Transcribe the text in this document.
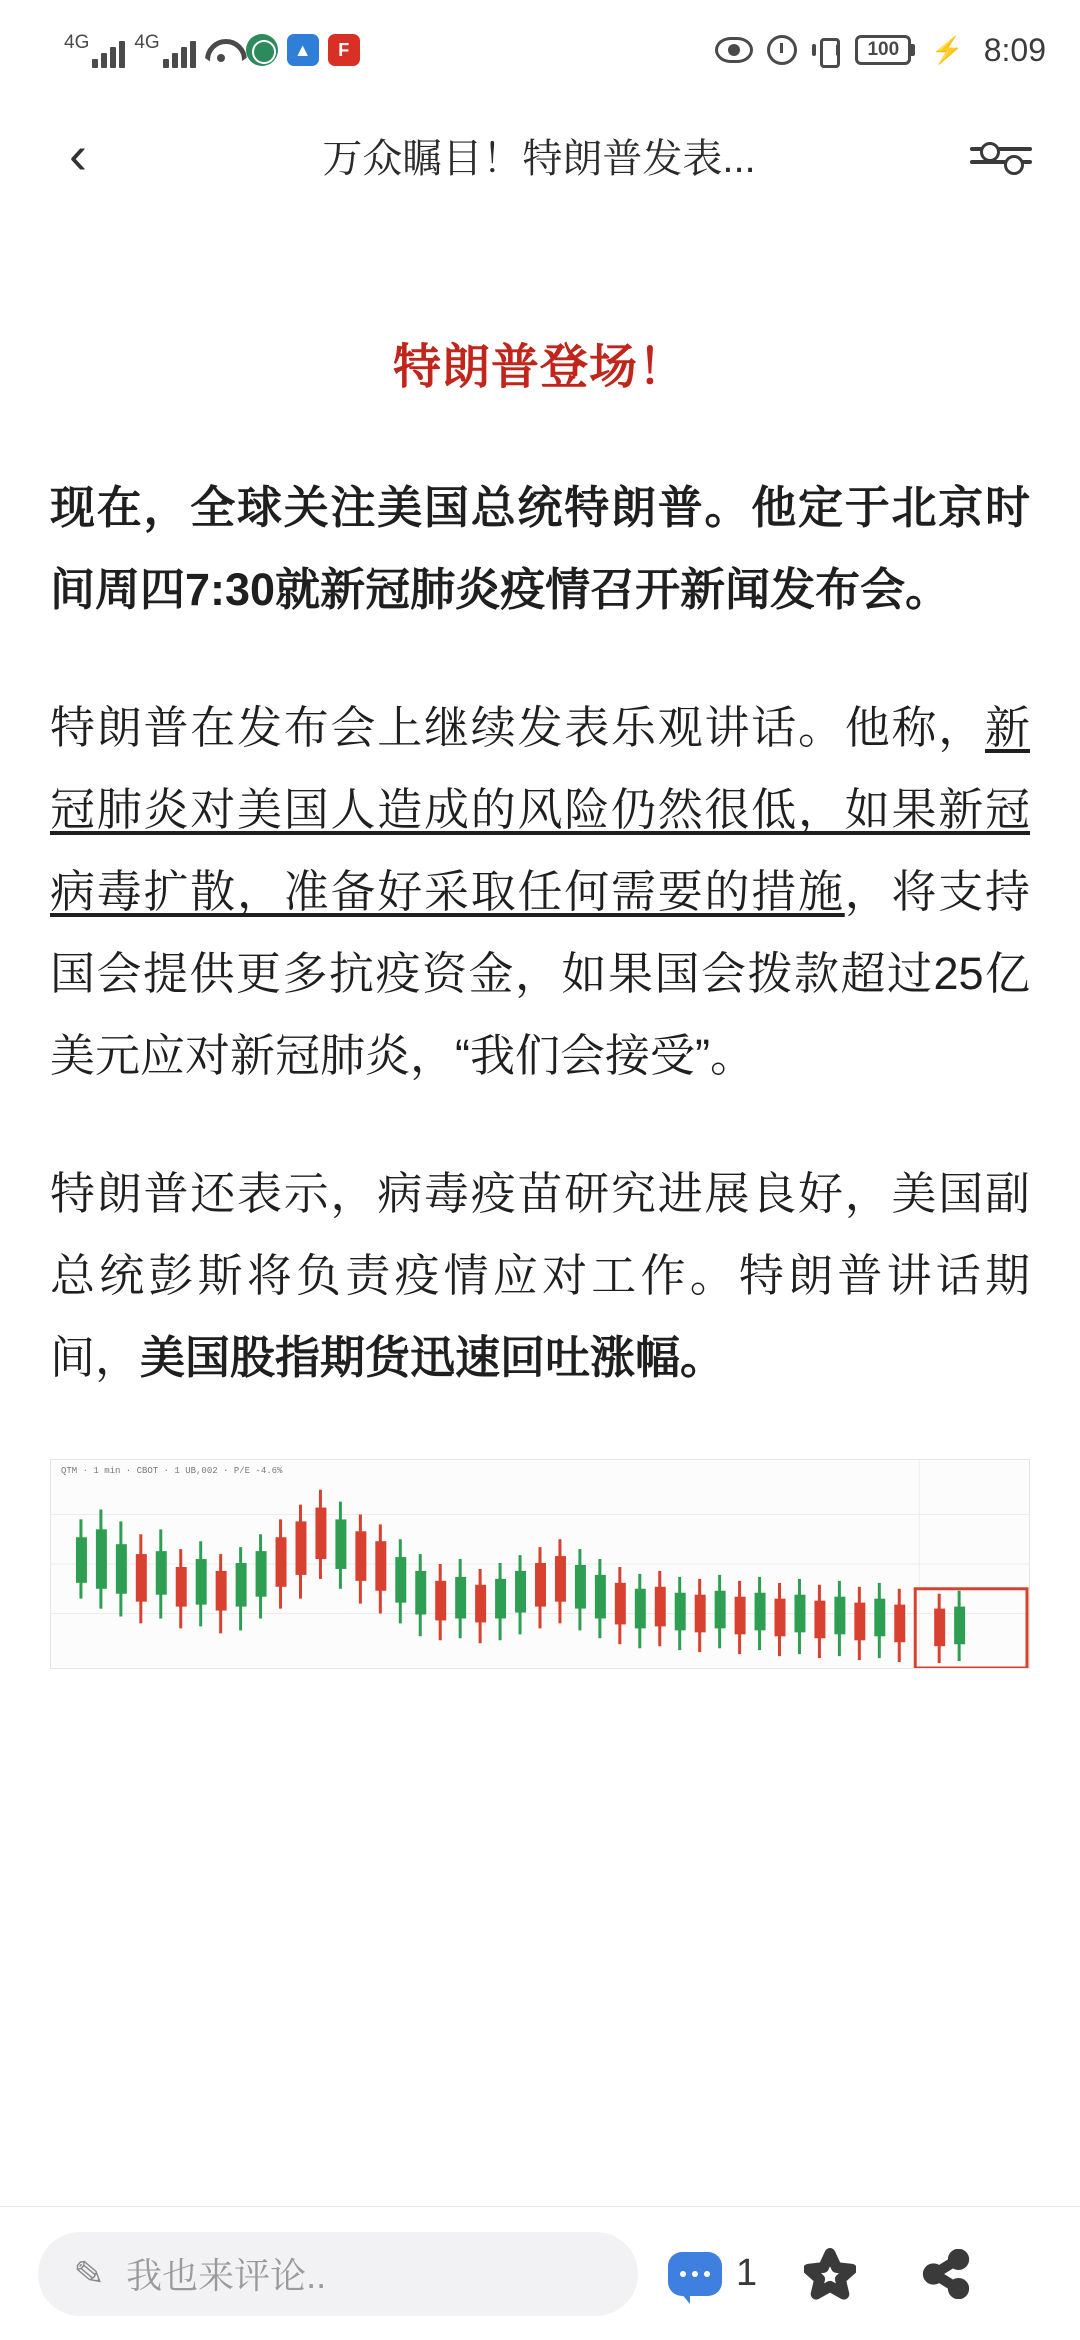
4G 4G	▲	F	100	⚡ 8:09
‹	万众瞩目！特朗普发表...
特朗普登场！

现在，全球关注美国总统特朗普。他定于北京时间周四7:30就新冠肺炎疫情召开新闻发布会。

特朗普在发布会上继续发表乐观讲话。他称，新冠肺炎对美国人造成的风险仍然很低，如果新冠病毒扩散，准备好采取任何需要的措施，将支持国会提供更多抗疫资金，如果国会拨款超过25亿美元应对新冠肺炎，“我们会接受”。

特朗普还表示，病毒疫苗研究进展良好，美国副总统彭斯将负责疫情应对工作。特朗普讲话期间，美国股指期货迅速回吐涨幅。

QTM · 1 min · CBOT · 1 UB,002 · P/E -4.6%
✎ 我也来评论..	1
